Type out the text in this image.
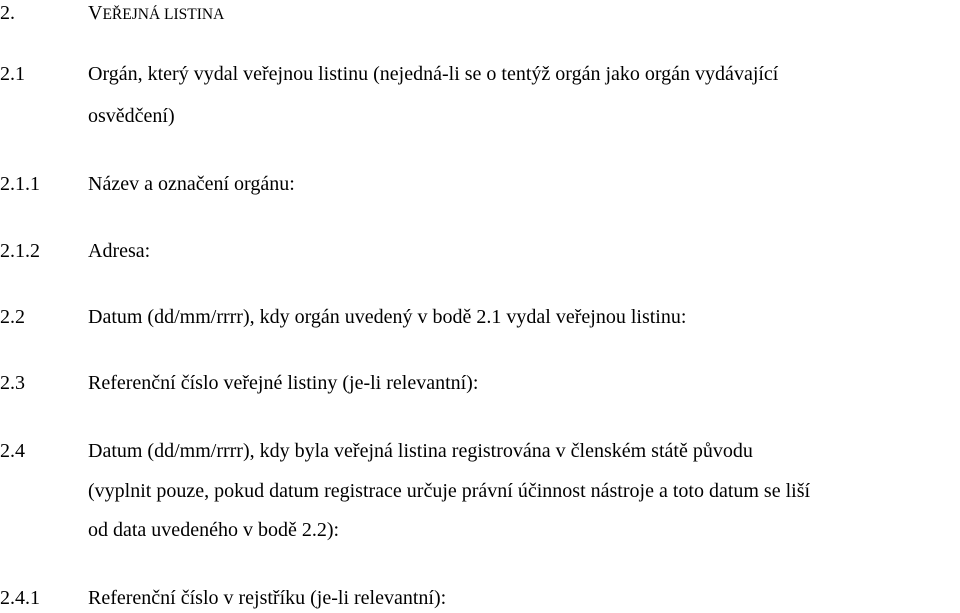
2.	VEŘEJNÁ LISTINA
2.1	Orgán, který vydal veřejnou listinu (nejedná-li se o tentýž orgán jako orgán vydávající
osvědčení)
2.1.1 Název a označení orgánu:
2.1.2 Adresa:
2.2	Datum (dd/mm/rrrr), kdy orgán uvedený v bodě 2.1 vydal veřejnou listinu:
2.3	Referenční číslo veřejné listiny (je-li relevantní):
2.4	Datum (dd/mm/rrrr), kdy byla veřejná listina registrována v členském státě původu
(vyplnit pouze, pokud datum registrace určuje právní účinnost nástroje a toto datum se liší
od data uvedeného v bodě 2.2):
2.4.1 Referenční číslo v rejstříku (je-li relevantní):
